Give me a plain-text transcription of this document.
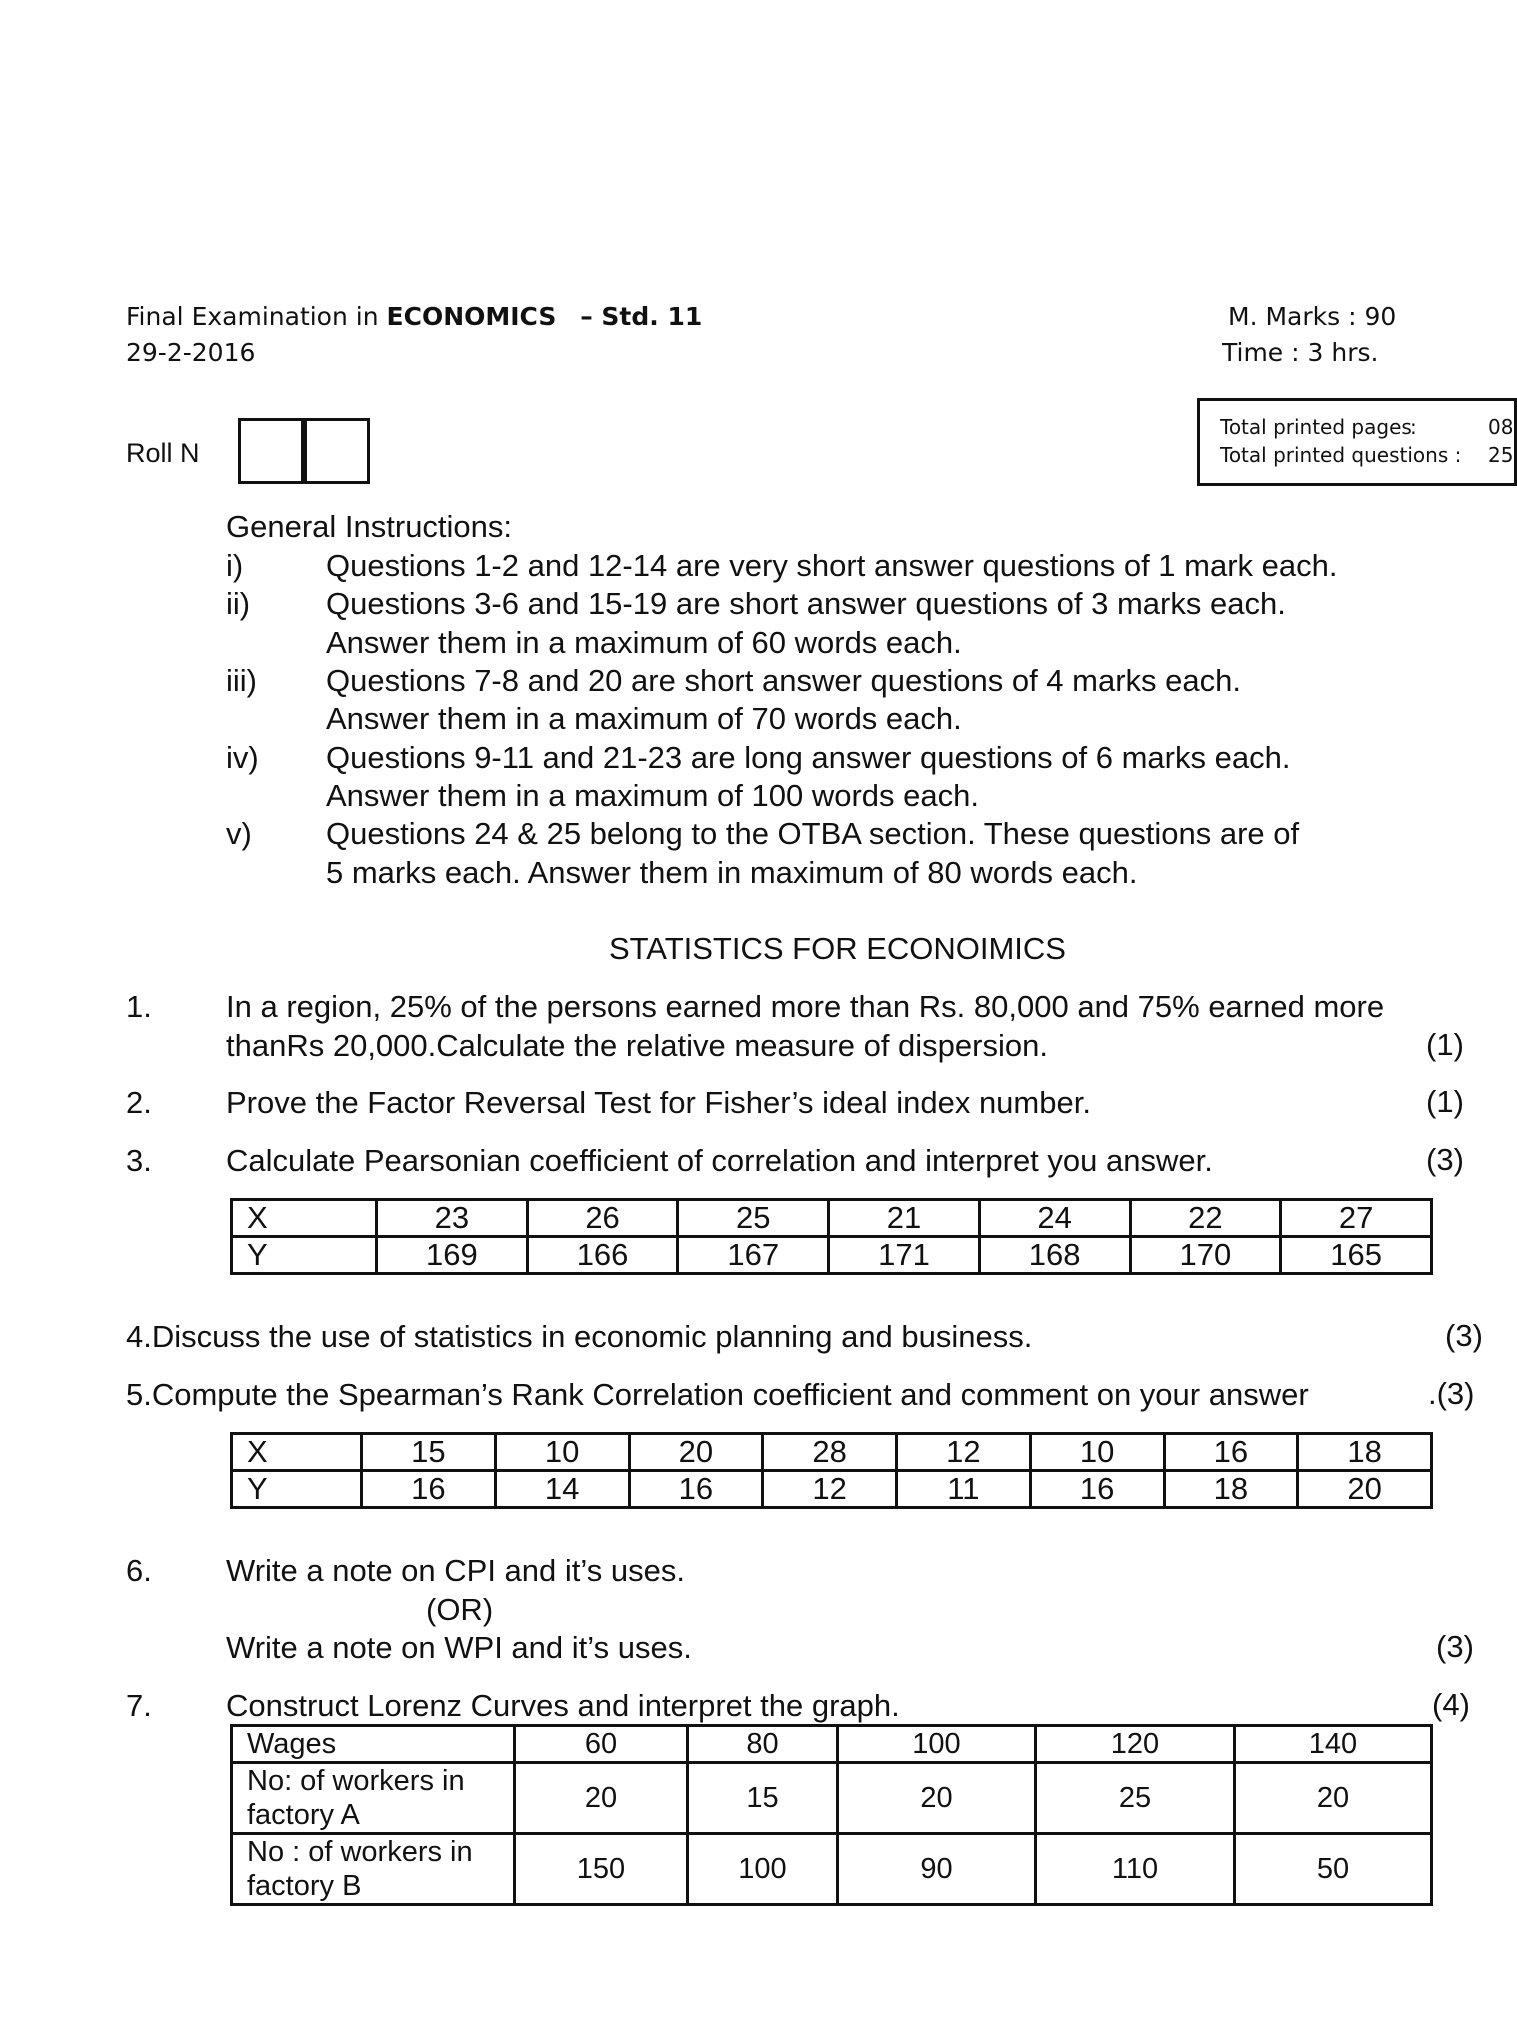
Final Examination in ECONOMICS – Std. 11
29-2-2016
M. Marks : 90
Time : 3 hrs.
Roll N
Total printed pages
:	08
Total printed questions : 25
General Instructions:
i)	Questions 1-2 and 12-14 are very short answer questions of 1 mark each.
ii) Questions 3-6 and 15-19 are short answer questions of 3 marks each.
Answer them in a maximum of 60 words each.
iii) Questions 7-8 and 20 are short answer questions of 4 marks each.
Answer them in a maximum of 70 words each.
iv) Questions 9-11 and 21-23 are long answer questions of 6 marks each.
Answer them in a maximum of 100 words each.
v) Questions 24 & 25 belong to the OTBA section. These questions are of
5 marks each. Answer them in maximum of 80 words each.
STATISTICS FOR ECONOIMICS
1. In a region, 25% of the persons earned more than Rs. 80,000 and 75% earned more
thanRs 20,000.Calculate the relative measure of dispersion.	(1)
2. Prove the Factor Reversal Test for Fisher’s ideal index number.	(1)
3. Calculate Pearsonian coefficient of correlation and interpret you answer.	(3)
X	23	26	25	21	24	22	27
Y	169	166	167	171	168	170	165
4.Discuss the use of statistics in economic planning and business.	(3)
5.Compute the Spearman’s Rank Correlation coefficient and comment on your answer	.(3)
X	15	10	20	28	12	10	16	18
Y	16	14	16	12	11	16	18	20
6. Write a note on CPI and it’s uses.
(OR)
Write a note on WPI and it’s uses.	(3)
7. Construct Lorenz Curves and interpret the graph.	(4)
Wages	60	80	100	120	140

No: of workers in
factory A	20	15	20	25	20

No : of workers in
factory B	150	100	90	110	50
